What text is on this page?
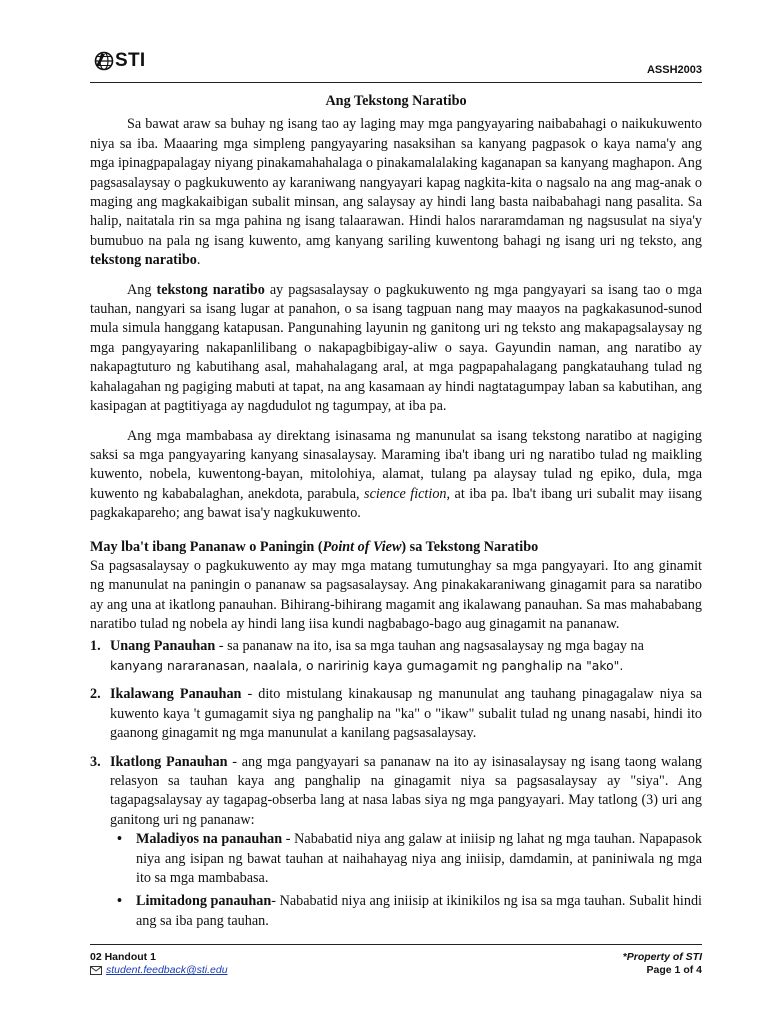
STI	ASSH2003
Ang Tekstong Naratibo

Sa bawat araw sa buhay ng isang tao ay laging may mga pangyayaring naibabahagi o naikukuwento niya sa iba. Maaaring mga simpleng pangyayaring nasaksihan sa kanyang pagpasok o kaya nama'y ang mga ipinagpapalagay niyang pinakamahahalaga o pinakamalalaking kaganapan sa kanyang maghapon. Ang pagsasalaysay o pagkukuwento ay karaniwang nangyayari kapag nagkita-kita o nagsalo na ang mag-anak o maging ang magkakaibigan subalit minsan, ang salaysay ay hindi lang basta naibabahagi nang pasalita. Sa halip, naitatala rin sa mga pahina ng isang talaarawan. Hindi halos nararamdaman ng nagsusulat na siya'y bumubuo na pala ng isang kuwento, amg kanyang sariling kuwentong bahagi ng isang uri ng teksto, ang tekstong naratibo.

Ang tekstong naratibo ay pagsasalaysay o pagkukuwento ng mga pangyayari sa isang tao o mga tauhan, nangyari sa isang lugar at panahon, o sa isang tagpuan nang may maayos na pagkakasunod-sunod mula simula hanggang katapusan. Pangunahing layunin ng ganitong uri ng teksto ang makapagsalaysay ng mga pangyayaring nakapanlilibang o nakapagbibigay-aliw o saya. Gayundin naman, ang naratibo ay nakapagtuturo ng kabutihang asal, mahahalagang aral, at mga pagpapahalagang pangkatauhang tulad ng kahalagahan ng pagiging mabuti at tapat, na ang kasamaan ay hindi nagtatagumpay laban sa kabutihan, ang kasipagan at pagtitiyaga ay nagdudulot ng tagumpay, at iba pa.

Ang mga mambabasa ay direktang isinasama ng manunulat sa isang tekstong naratibo at nagiging saksi sa mga pangyayaring kanyang sinasalaysay. Maraming iba't ibang uri ng naratibo tulad ng maikling kuwento, nobela, kuwentong-bayan, mitolohiya, alamat, tulang pa alaysay tulad ng epiko, dula, mga kuwento ng kababalaghan, anekdota, parabula, science fiction, at iba pa. lba't ibang uri subalit may iisang pagkakapareho; ang bawat isa'y nagkukuwento.

May lba't ibang Pananaw o Paningin (Point of View) sa Tekstong Naratibo

Sa pagsasalaysay o pagkukuwento ay may mga matang tumutunghay sa mga pangyayari. Ito ang ginamit ng manunulat na paningin o pananaw sa pagsasalaysay. Ang pinakakaraniwang ginagamit para sa naratibo ay ang una at ikatlong panauhan. Bihirang-bihirang magamit ang ikalawang panauhan. Sa mas mahababang naratibo tulad ng nobela ay hindi lang iisa kundi nagbabago-bago aug ginagamit na pananaw.

1. Unang Panauhan - sa pananaw na ito, isa sa mga tauhan ang nagsasalaysay ng mga bagay na
kanyang nararanasan, naalala, o naririnig kaya gumagamit ng panghalip na "ako".
2. Ikalawang Panauhan - dito mistulang kinakausap ng manunulat ang tauhang pinagagalaw niya sa kuwento kaya 't gumagamit siya ng panghalip na "ka" o "ikaw" subalit tulad ng unang nasabi, hindi ito gaanong ginagamit ng mga manunulat a kanilang pagsasalaysay.
3. Ikatlong Panauhan - ang mga pangyayari sa pananaw na ito ay isinasalaysay ng isang taong walang relasyon sa tauhan kaya ang panghalip na ginagamit niya sa pagsasalaysay ay "siya". Ang tagapagsalaysay ay tagapag-obserba lang at nasa labas siya ng mga pangyayari. May tatlong (3) uri ang ganitong uri ng pananaw:
• Maladiyos na panauhan - Nababatid niya ang galaw at iniisip ng lahat ng mga tauhan. Napapasok niya ang isipan ng bawat tauhan at naihahayag niya ang iniisip, damdamin, at paniniwala ng mga ito sa mga mambabasa.
• Limitadong panauhan- Nababatid niya ang iniisip at ikinikilos ng isa sa mga tauhan. Subalit hindi ang sa iba pang tauhan.
02 Handout 1
student.feedback@sti.edu
*Property of STI
Page 1 of 4
